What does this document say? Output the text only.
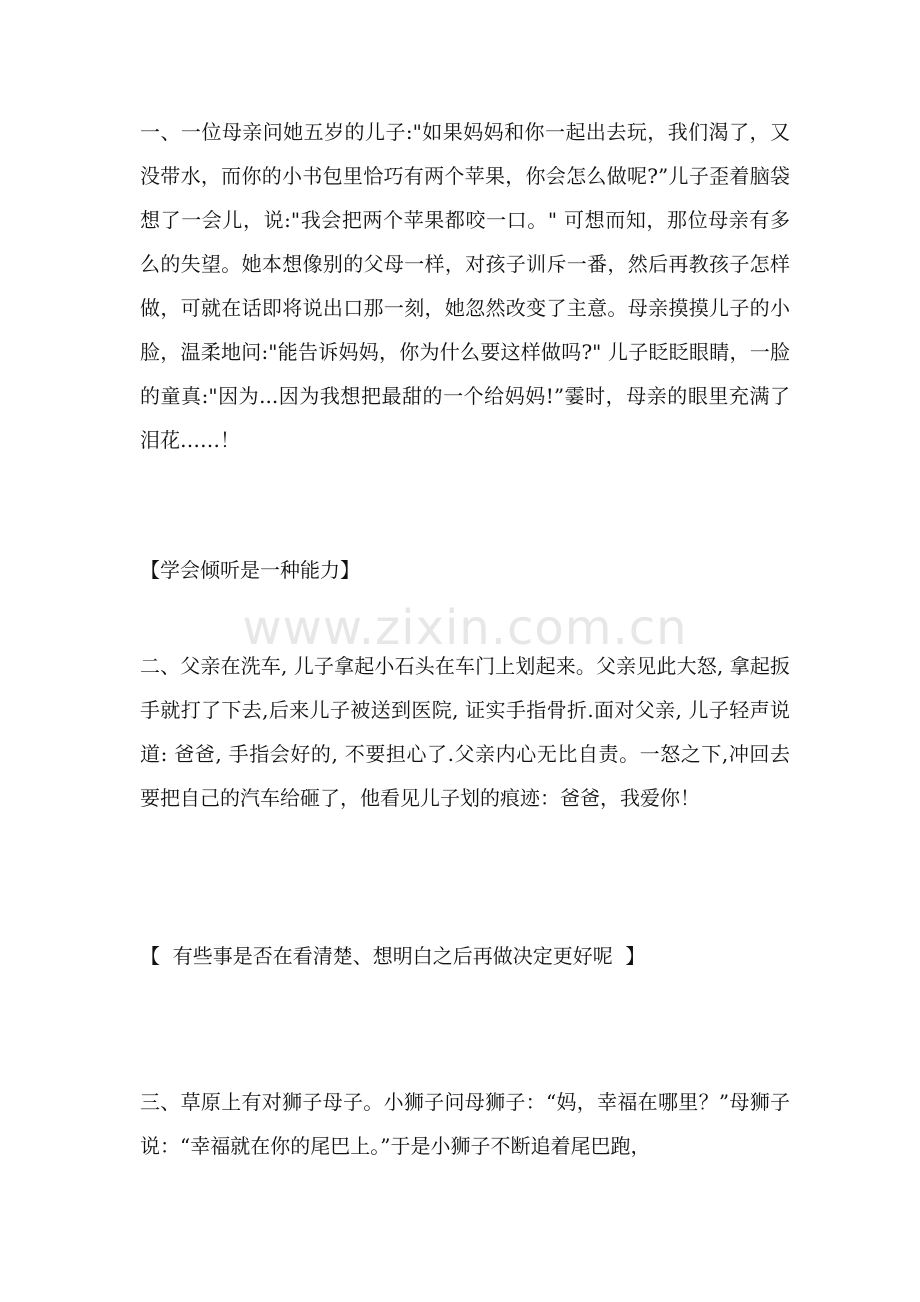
一、一位母亲问她五岁的儿子:"如果妈妈和你一起出去玩，我们渴了，又没带水，而你的小书包里恰巧有两个苹果，你会怎么做呢?”儿子歪着脑袋想了一会儿，说:"我会把两个苹果都咬一口。" 可想而知，那位母亲有多么的失望。她本想像别的父母一样，对孩子训斥一番，然后再教孩子怎样做，可就在话即将说出口那一刻，她忽然改变了主意。母亲摸摸儿子的小脸，温柔地问:"能告诉妈妈，你为什么要这样做吗?" 儿子眨眨眼睛，一脸的童真:"因为...因为我想把最甜的一个给妈妈!”霎时，母亲的眼里充满了泪花……！

【学会倾听是一种能力】

二、父亲在洗车, 儿子拿起小石头在车门上划起来。父亲见此大怒, 拿起扳手就打了下去,后来儿子被送到医院, 证实手指骨折.面对父亲, 儿子轻声说道: 爸爸, 手指会好的, 不要担心了.父亲内心无比自责。一怒之下,冲回去要把自己的汽车给砸了，他看见儿子划的痕迹：爸爸，我爱你！

【  有些事是否在看清楚、想明白之后再做决定更好呢  】

三、草原上有对狮子母子。小狮子问母狮子：“妈，幸福在哪里？”母狮子说：“幸福就在你的尾巴上。”于是小狮子不断追着尾巴跑，

www.zixin.com.cn
